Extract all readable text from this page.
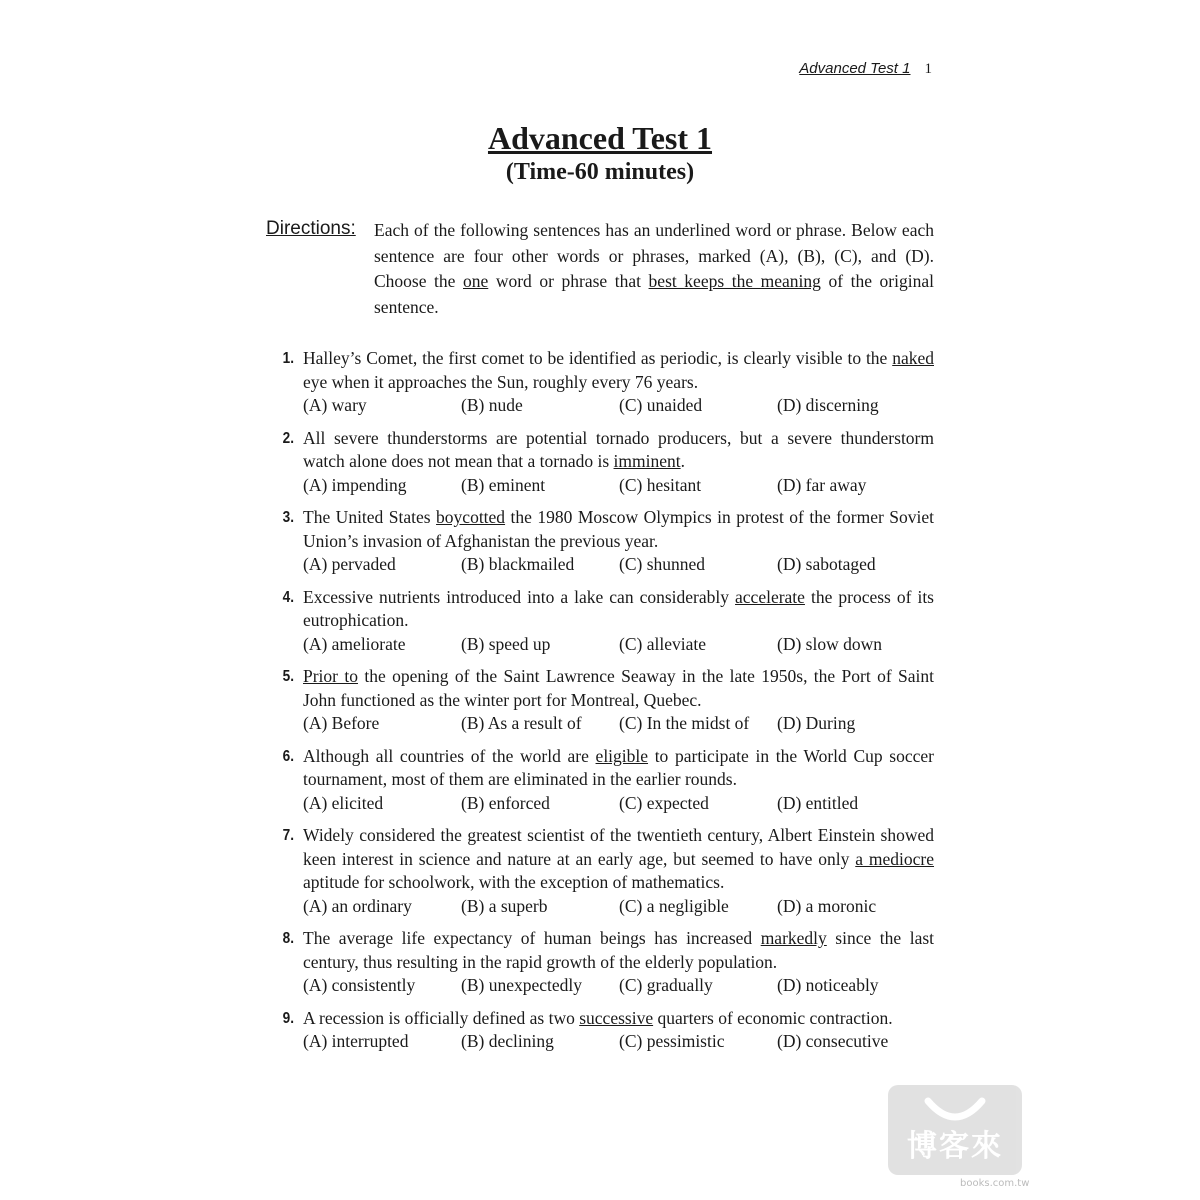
Advanced Test 1 1
Advanced Test 1
(Time-60 minutes)
Directions: Each of the following sentences has an underlined word or phrase. Below each sentence are four other words or phrases, marked (A), (B), (C), and (D). Choose the one word or phrase that best keeps the meaning of the original sentence.
1. Halley’s Comet, the first comet to be identified as periodic, is clearly visible to the naked eye when it approaches the Sun, roughly every 76 years.
(A) wary	(B) nude	(C) unaided	(D) discerning
2. All severe thunderstorms are potential tornado producers, but a severe thunderstorm watch alone does not mean that a tornado is imminent.
(A) impending	(B) eminent	(C) hesitant	(D) far away
3. The United States boycotted the 1980 Moscow Olympics in protest of the former Soviet Union’s invasion of Afghanistan the previous year.
(A) pervaded	(B) blackmailed	(C) shunned	(D) sabotaged
4. Excessive nutrients introduced into a lake can considerably accelerate the process of its eutrophication.
(A) ameliorate	(B) speed up	(C) alleviate	(D) slow down
5. Prior to the opening of the Saint Lawrence Seaway in the late 1950s, the Port of Saint John functioned as the winter port for Montreal, Quebec.
(A) Before	(B) As a result of	(C) In the midst of	(D) During
6. Although all countries of the world are eligible to participate in the World Cup soccer tournament, most of them are eliminated in the earlier rounds.
(A) elicited	(B) enforced	(C) expected	(D) entitled
7. Widely considered the greatest scientist of the twentieth century, Albert Einstein showed keen interest in science and nature at an early age, but seemed to have only a mediocre aptitude for schoolwork, with the exception of mathematics.
(A) an ordinary	(B) a superb	(C) a negligible	(D) a moronic
8. The average life expectancy of human beings has increased markedly since the last century, thus resulting in the rapid growth of the elderly population.
(A) consistently	(B) unexpectedly	(C) gradually	(D) noticeably
9. A recession is officially defined as two successive quarters of economic contraction.
(A) interrupted	(B) declining	(C) pessimistic	(D) consecutive
博客來
books.com.tw
